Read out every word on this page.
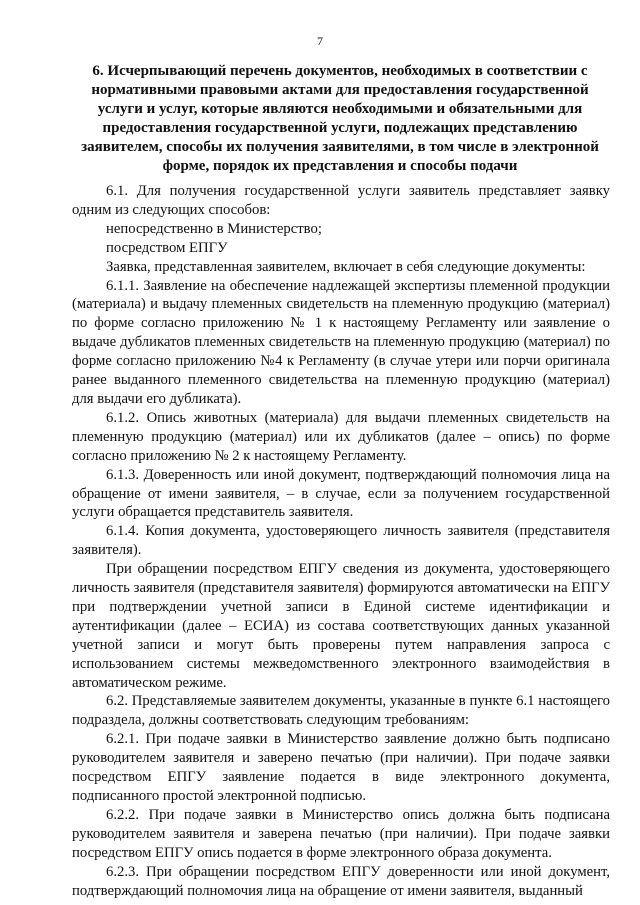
7
6. Исчерпывающий перечень документов, необходимых в соответствии с нормативными правовыми актами для предоставления государственной услуги и услуг, которые являются необходимыми и обязательными для предоставления государственной услуги, подлежащих представлению заявителем, способы их получения заявителями, в том числе в электронной форме, порядок их представления и способы подачи

6.1. Для получения государственной услуги заявитель представляет заявку одним из следующих способов:

непосредственно в Министерство;

посредством ЕПГУ

Заявка, представленная заявителем, включает в себя следующие документы:

6.1.1. Заявление на обеспечение надлежащей экспертизы племенной продукции (материала) и выдачу племенных свидетельств на племенную продукцию (материал) по форме согласно приложению № 1 к настоящему Регламенту или заявление о выдаче дубликатов племенных свидетельств на племенную продукцию (материал) по форме согласно приложению №4 к Регламенту (в случае утери или порчи оригинала ранее выданного племенного свидетельства на племенную продукцию (материал) для выдачи его дубликата).

6.1.2. Опись животных (материала) для выдачи племенных свидетельств на племенную продукцию (материал) или их дубликатов (далее – опись) по форме согласно приложению № 2 к настоящему Регламенту.

6.1.3. Доверенность или иной документ, подтверждающий полномочия лица на обращение от имени заявителя, – в случае, если за получением государственной услуги обращается представитель заявителя.

6.1.4. Копия документа, удостоверяющего личность заявителя (представителя заявителя).

При обращении посредством ЕПГУ сведения из документа, удостоверяющего личность заявителя (представителя заявителя) формируются автоматически на ЕПГУ при подтверждении учетной записи в Единой системе идентификации и аутентификации (далее – ЕСИА) из состава соответствующих данных указанной учетной записи и могут быть проверены путем направления запроса с использованием системы межведомственного электронного взаимодействия в автоматическом режиме.

6.2. Представляемые заявителем документы, указанные в пункте 6.1 настоящего подраздела, должны соответствовать следующим требованиям:

6.2.1. При подаче заявки в Министерство заявление должно быть подписано руководителем заявителя и заверено печатью (при наличии). При подаче заявки посредством ЕПГУ заявление подается в виде электронного документа, подписанного простой электронной подписью.

6.2.2. При подаче заявки в Министерство опись должна быть подписана руководителем заявителя и заверена печатью (при наличии). При подаче заявки посредством ЕПГУ опись подается в форме электронного образа документа.

6.2.3. При обращении посредством ЕПГУ доверенности или иной документ, подтверждающий полномочия лица на обращение от имени заявителя, выданный
